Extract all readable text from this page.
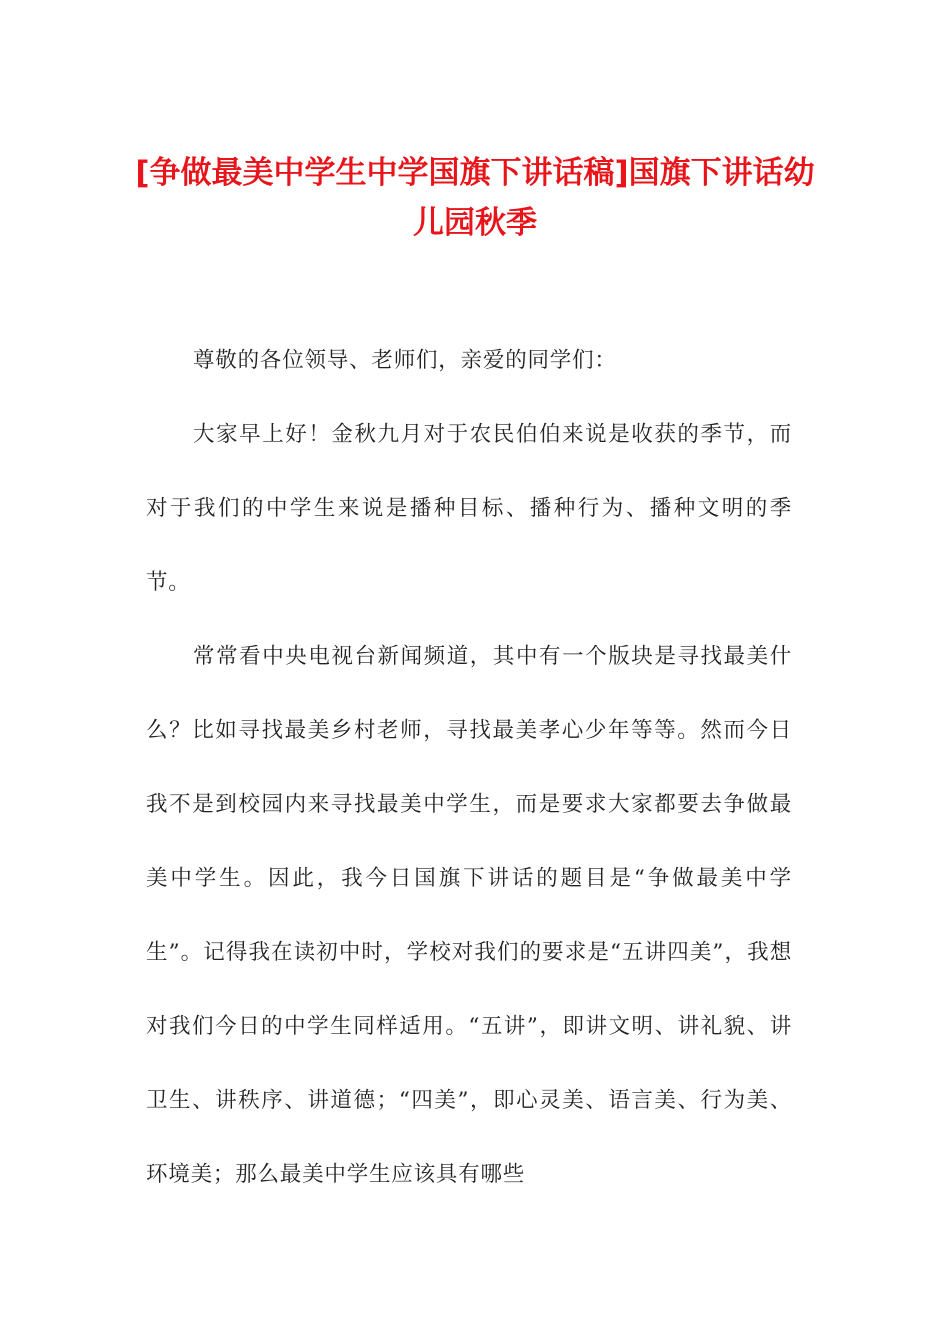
[争做最美中学生中学国旗下讲话稿]国旗下讲话幼儿园秋季

尊敬的各位领导、老师们，亲爱的同学们：

大家早上好！金秋九月对于农民伯伯来说是收获的季节，而对于我们的中学生来说是播种目标、播种行为、播种文明的季节。

常常看中央电视台新闻频道，其中有一个版块是寻找最美什么？比如寻找最美乡村老师，寻找最美孝心少年等等。然而今日我不是到校园内来寻找最美中学生，而是要求大家都要去争做最美中学生。因此，我今日国旗下讲话的题目是“争做最美中学生”。记得我在读初中时，学校对我们的要求是“五讲四美”，我想对我们今日的中学生同样适用。“五讲”，即讲文明、讲礼貌、讲卫生、讲秩序、讲道德；“四美”，即心灵美、语言美、行为美、环境美；那么最美中学生应该具有哪些
